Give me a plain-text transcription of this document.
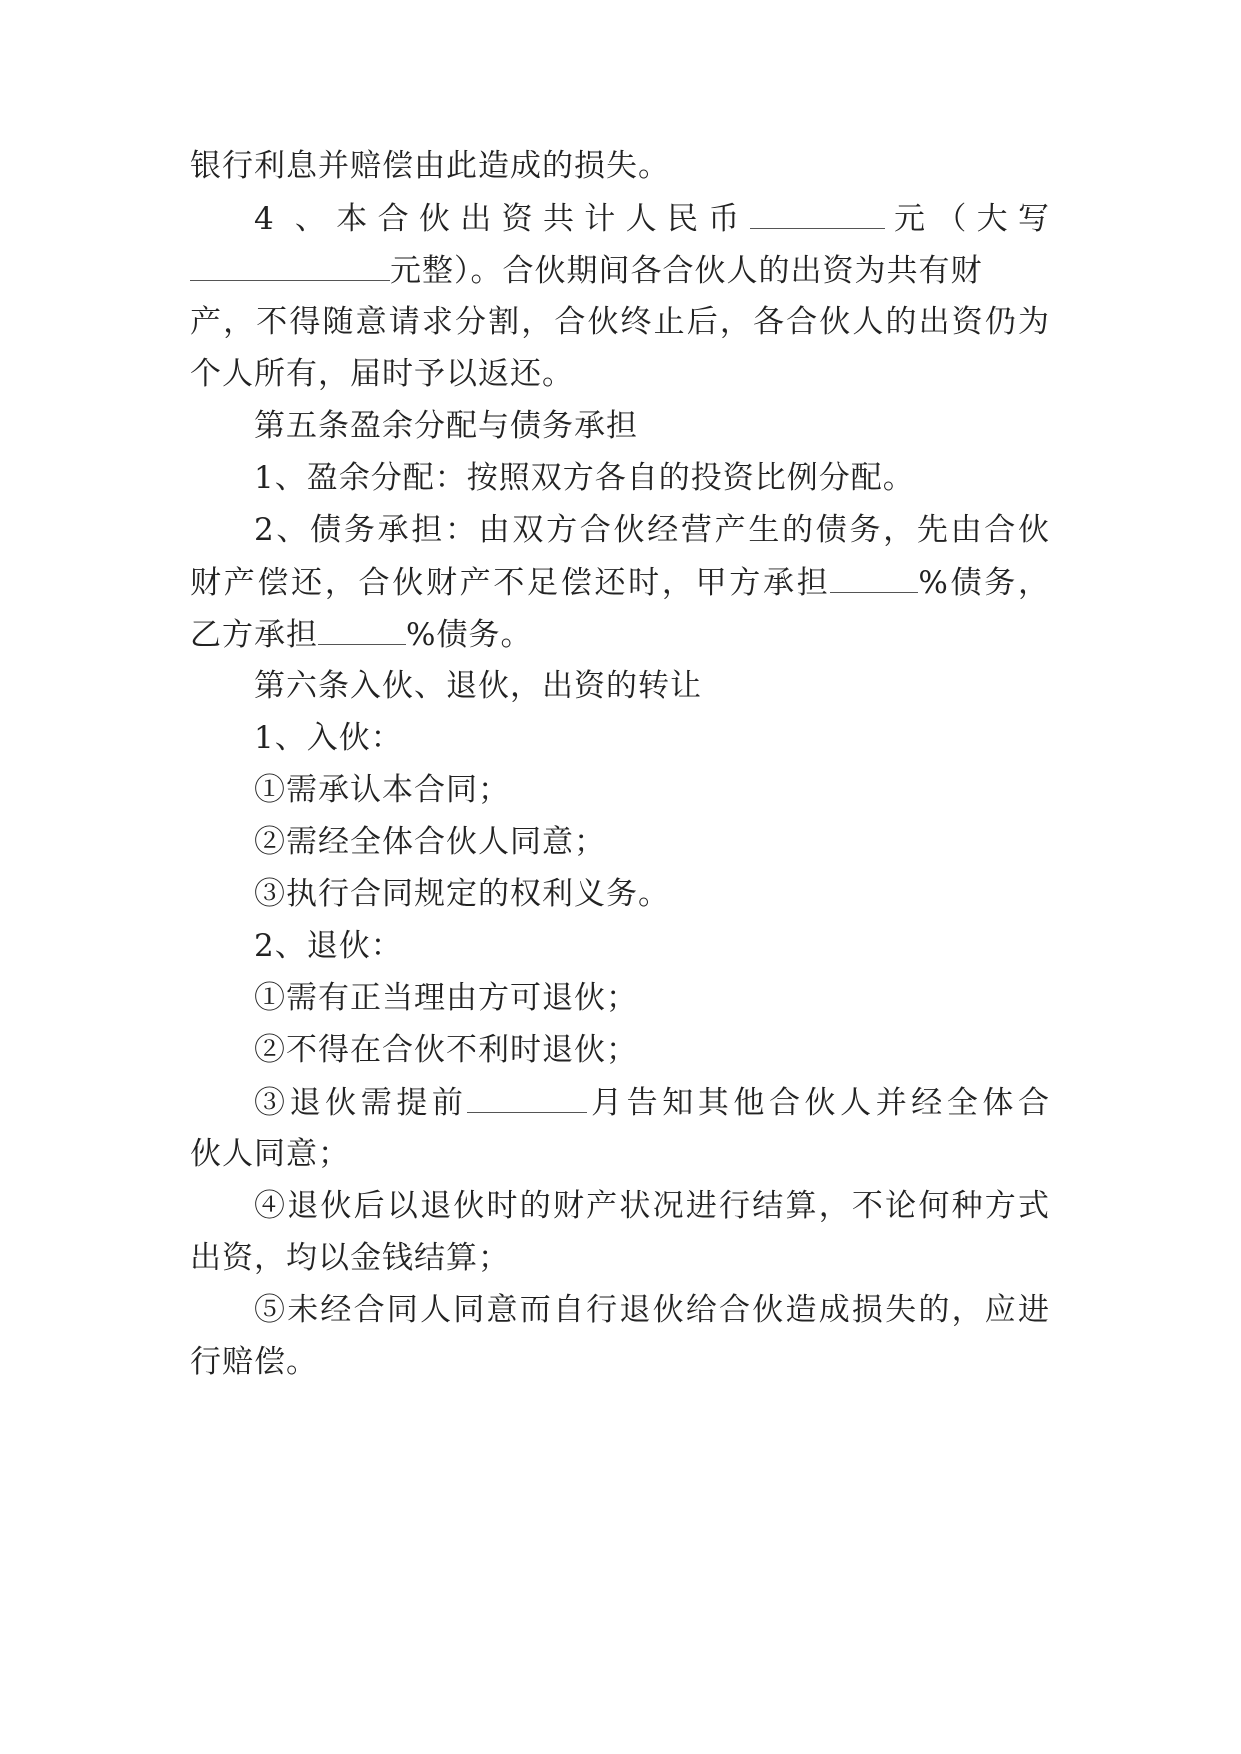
银行利息并赔偿由此造成的损失。
4 、本合伙出资共计人民币	元（大写
元整）。合伙期间各合伙人的出资为共有财
产，不得随意请求分割，合伙终止后，各合伙人的出资仍为
个人所有，届时予以返还。
第五条盈余分配与债务承担
1、盈余分配：按照双方各自的投资比例分配。
2、债务承担：由双方合伙经营产生的债务，先由合伙
财产偿还，合伙财产不足偿还时，甲方承担	%债务，
乙方承担	%债务。
第六条入伙、退伙，出资的转让
1、入伙：
①需承认本合同；
②需经全体合伙人同意；
③执行合同规定的权利义务。
2、退伙：
①需有正当理由方可退伙；
②不得在合伙不利时退伙；
③退伙需提前	月告知其他合伙人并经全体合
伙人同意；
④退伙后以退伙时的财产状况进行结算，不论何种方式
出资，均以金钱结算；
⑤未经合同人同意而自行退伙给合伙造成损失的，应进
行赔偿。
